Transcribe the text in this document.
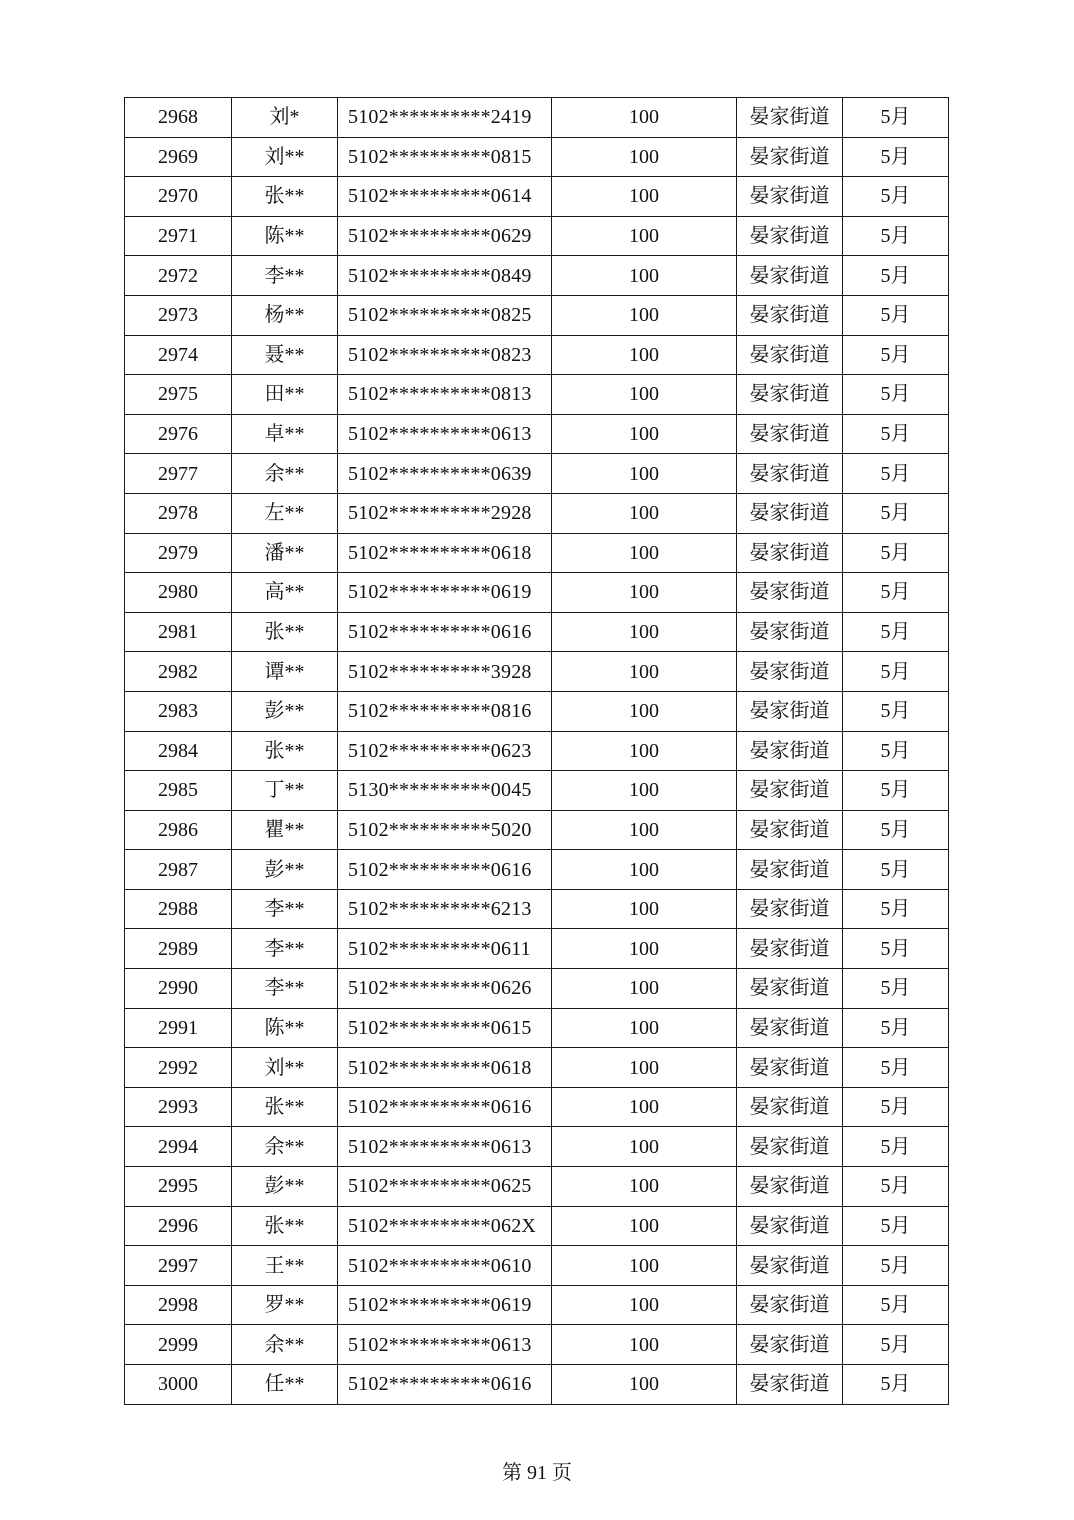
2968	刘*	5102**********2419	100	晏家街道	5月
2969	刘**	5102**********0815	100	晏家街道	5月
2970	张**	5102**********0614	100	晏家街道	5月
2971	陈**	5102**********0629	100	晏家街道	5月
2972	李**	5102**********0849	100	晏家街道	5月
2973	杨**	5102**********0825	100	晏家街道	5月
2974	聂**	5102**********0823	100	晏家街道	5月
2975	田**	5102**********0813	100	晏家街道	5月
2976	卓**	5102**********0613	100	晏家街道	5月
2977	余**	5102**********0639	100	晏家街道	5月
2978	左**	5102**********2928	100	晏家街道	5月
2979	潘**	5102**********0618	100	晏家街道	5月
2980	高**	5102**********0619	100	晏家街道	5月
2981	张**	5102**********0616	100	晏家街道	5月
2982	谭**	5102**********3928	100	晏家街道	5月
2983	彭**	5102**********0816	100	晏家街道	5月
2984	张**	5102**********0623	100	晏家街道	5月
2985	丁**	5130**********0045	100	晏家街道	5月
2986	瞿**	5102**********5020	100	晏家街道	5月
2987	彭**	5102**********0616	100	晏家街道	5月
2988	李**	5102**********6213	100	晏家街道	5月
2989	李**	5102**********0611	100	晏家街道	5月
2990	李**	5102**********0626	100	晏家街道	5月
2991	陈**	5102**********0615	100	晏家街道	5月
2992	刘**	5102**********0618	100	晏家街道	5月
2993	张**	5102**********0616	100	晏家街道	5月
2994	余**	5102**********0613	100	晏家街道	5月
2995	彭**	5102**********0625	100	晏家街道	5月
2996	张**	5102**********062X	100	晏家街道	5月
2997	王**	5102**********0610	100	晏家街道	5月
2998	罗**	5102**********0619	100	晏家街道	5月
2999	余**	5102**********0613	100	晏家街道	5月
3000	任**	5102**********0616	100	晏家街道	5月
第 91 页
